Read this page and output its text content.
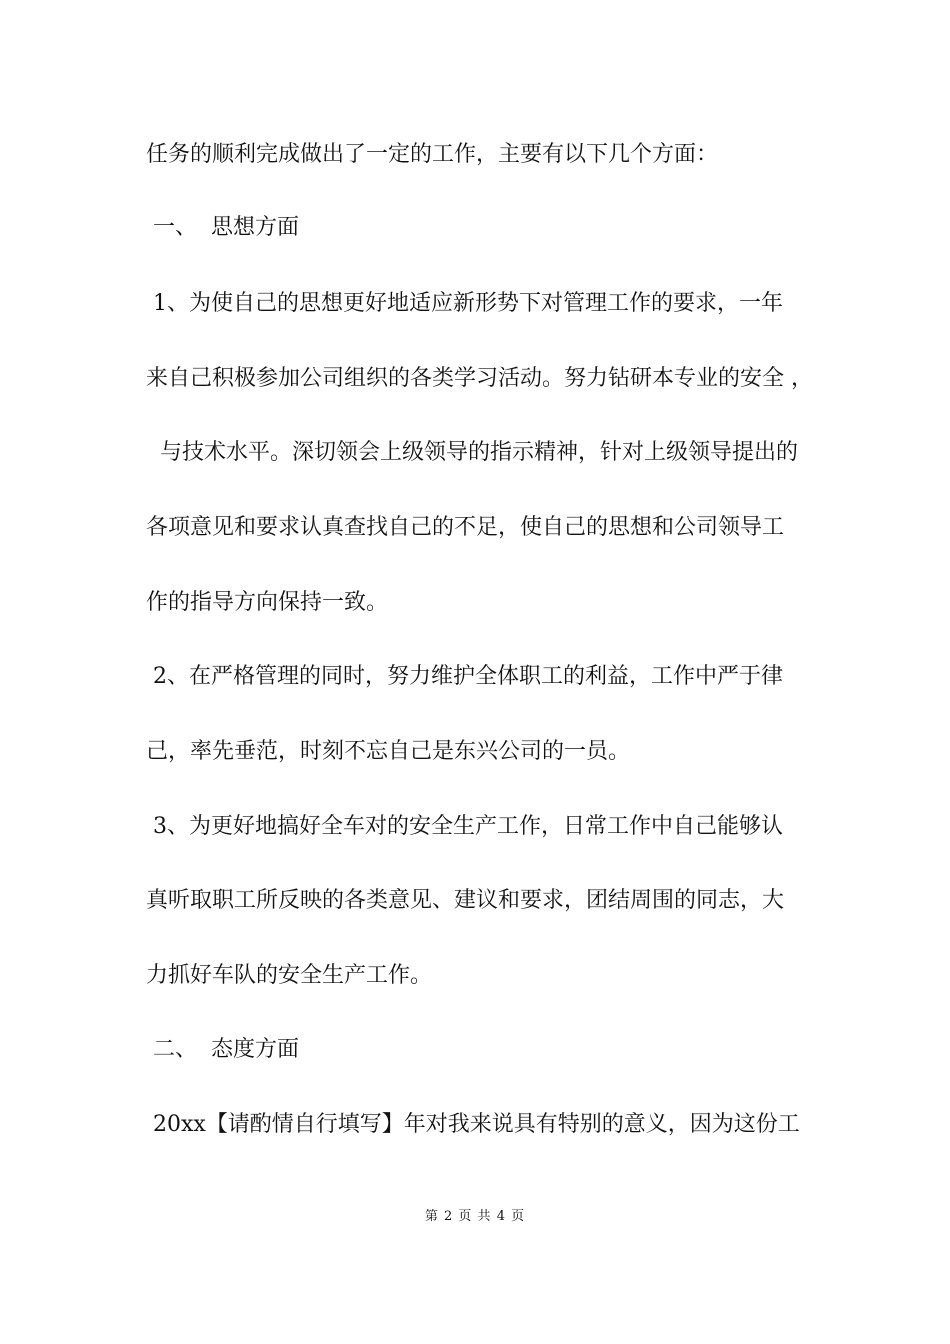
任务的顺利完成做出了一定的工作，主要有以下几个方面：
一、  思想方面
1、为使自己的思想更好地适应新形势下对管理工作的要求，一年
来自己积极参加公司组织的各类学习活动。努力钻研本专业的安全 ，
与技术水平。深切领会上级领导的指示精神，针对上级领导提出的
各项意见和要求认真查找自己的不足，使自己的思想和公司领导工
作的指导方向保持一致。
2、在严格管理的同时，努力维护全体职工的利益，工作中严于律
己，率先垂范，时刻不忘自己是东兴公司的一员。
3、为更好地搞好全车对的安全生产工作，日常工作中自己能够认
真听取职工所反映的各类意见、建议和要求，团结周围的同志，大
力抓好车队的安全生产工作。
二、  态度方面
20xx【请酌情自行填写】年对我来说具有特别的意义，因为这份工
第 2 页 共 4 页
